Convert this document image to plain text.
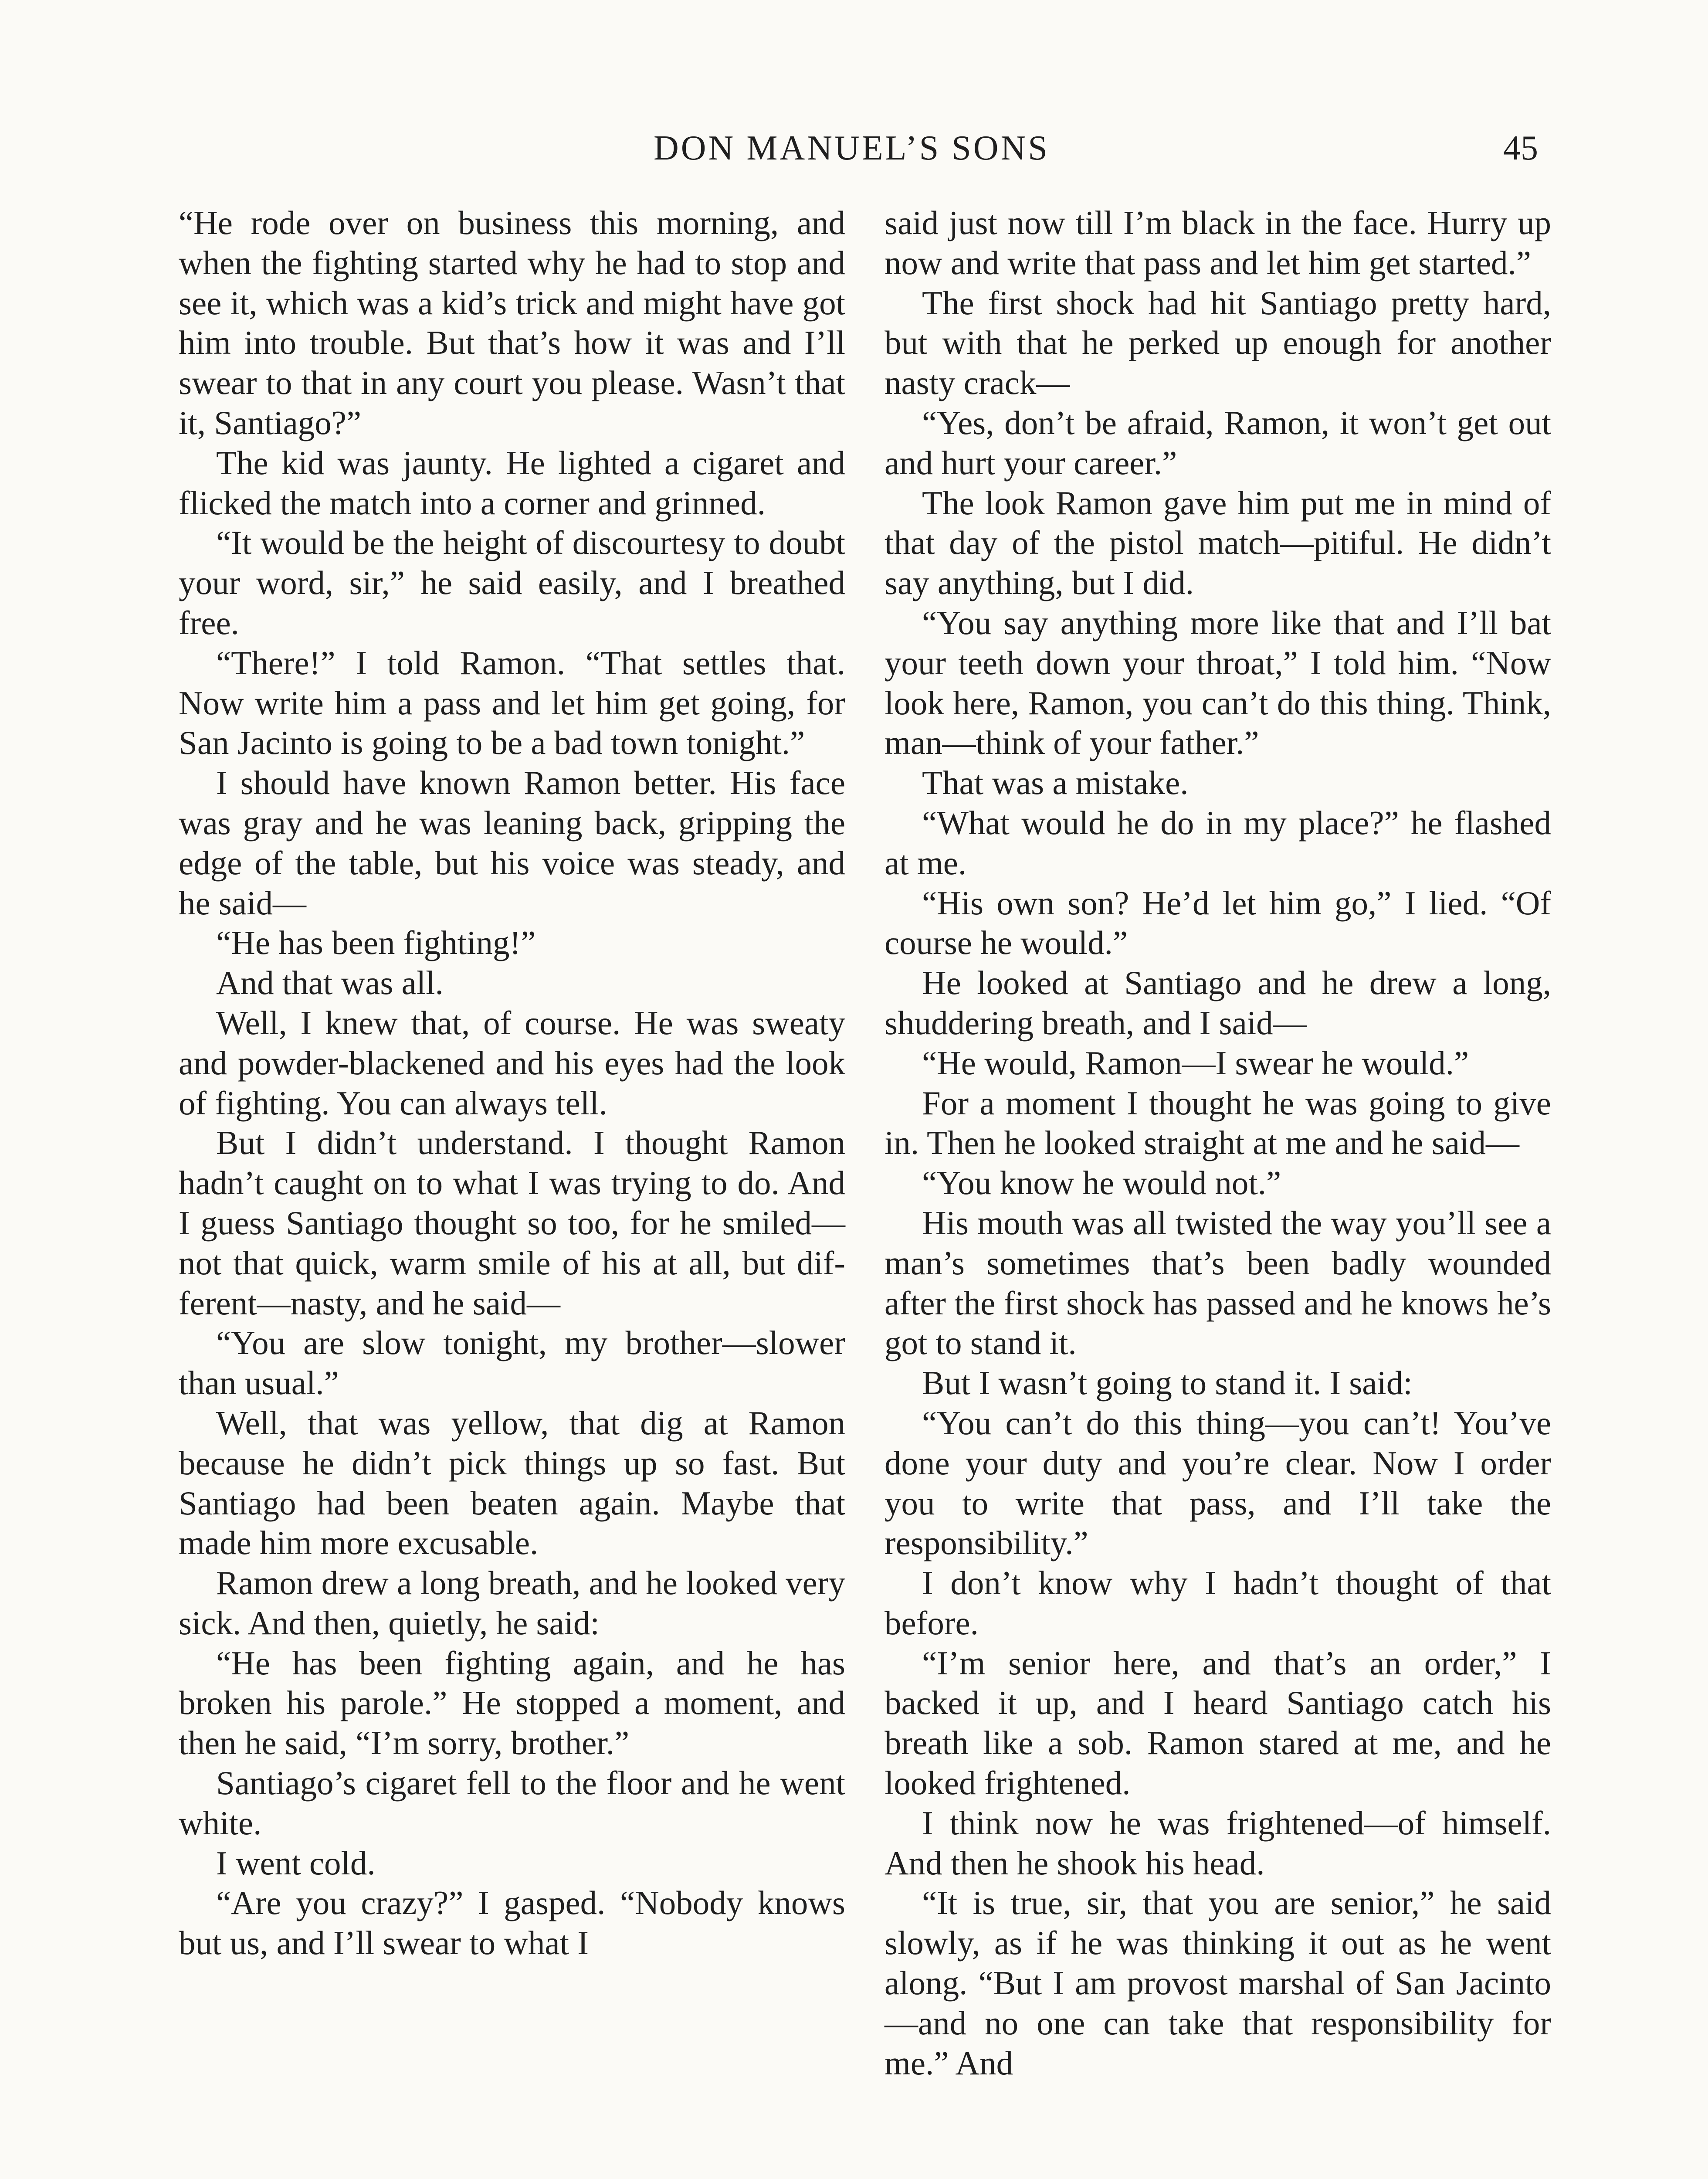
DON MANUEL’S SONS	45

“He rode over on business this morning, and when the fighting started why he had to stop and see it, which was a kid’s trick and might have got him into trouble. But that’s how it was and I’ll swear to that in any court you please. Wasn’t that it, Santiago?”

The kid was jaunty. He lighted a cigaret and flicked the match into a corner and grinned.

“It would be the height of discourtesy to doubt your word, sir,” he said easily, and I breathed free.

“There!” I told Ramon. “That settles that. Now write him a pass and let him get going, for San Jacinto is going to be a bad town tonight.”

I should have known Ramon better. His face was gray and he was leaning back, gripping the edge of the table, but his voice was steady, and he said—

“He has been fighting!”

And that was all.

Well, I knew that, of course. He was sweaty and powder-blackened and his eyes had the look of fighting. You can always tell.

But I didn’t understand. I thought Ramon hadn’t caught on to what I was trying to do. And I guess Santiago thought so too, for he smiled—not that quick, warm smile of his at all, but different—nasty, and he said—

“You are slow tonight, my brother—slower than usual.”

Well, that was yellow, that dig at Ramon because he didn’t pick things up so fast. But Santiago had been beaten again. Maybe that made him more excusable.

Ramon drew a long breath, and he looked very sick. And then, quietly, he said:

“He has been fighting again, and he has broken his parole.” He stopped a moment, and then he said, “I’m sorry, brother.”

Santiago’s cigaret fell to the floor and he went white.

I went cold.

“Are you crazy?” I gasped. “Nobody knows but us, and I’ll swear to what I

said just now till I’m black in the face. Hurry up now and write that pass and let him get started.”

The first shock had hit Santiago pretty hard, but with that he perked up enough for another nasty crack—

“Yes, don’t be afraid, Ramon, it won’t get out and hurt your career.”

The look Ramon gave him put me in mind of that day of the pistol match—pitiful. He didn’t say anything, but I did.

“You say anything more like that and I’ll bat your teeth down your throat,” I told him. “Now look here, Ramon, you can’t do this thing. Think, man—think of your father.”

That was a mistake.

“What would he do in my place?” he flashed at me.

“His own son? He’d let him go,” I lied. “Of course he would.”

He looked at Santiago and he drew a long, shuddering breath, and I said—

“He would, Ramon—I swear he would.”

For a moment I thought he was going to give in. Then he looked straight at me and he said—

“You know he would not.”

His mouth was all twisted the way you’ll see a man’s sometimes that’s been badly wounded after the first shock has passed and he knows he’s got to stand it.

But I wasn’t going to stand it. I said:

“You can’t do this thing—you can’t! You’ve done your duty and you’re clear. Now I order you to write that pass, and I’ll take the responsibility.”

I don’t know why I hadn’t thought of that before.

“I’m senior here, and that’s an order,” I backed it up, and I heard Santiago catch his breath like a sob. Ramon stared at me, and he looked frightened.

I think now he was frightened—of himself. And then he shook his head.

“It is true, sir, that you are senior,” he said slowly, as if he was thinking it out as he went along. “But I am provost marshal of San Jacinto—and no one can take that responsibility for me.” And
